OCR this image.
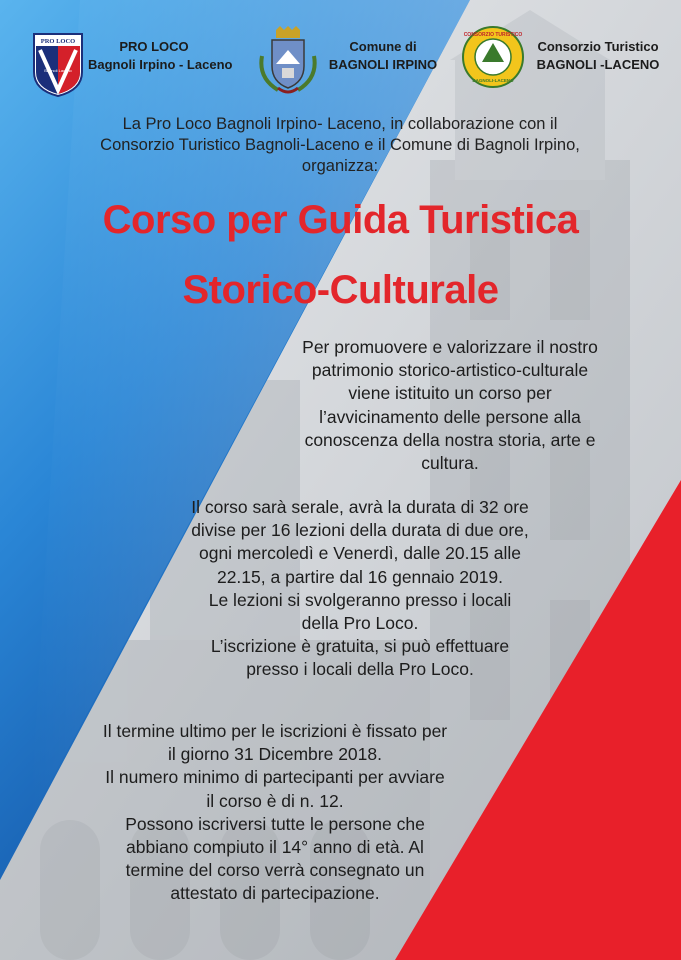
PRO LOCO
Bagnoli Laceno
PRO LOCO
Bagnoli Irpino - Laceno
Comune di
BAGNOLI IRPINO
CONSORZIO TURISTICO
BAGNOLI-LACENO
Consorzio Turistico
BAGNOLI -LACENO
La Pro Loco Bagnoli Irpino- Laceno, in collaborazione con il
Consorzio Turistico Bagnoli-Laceno e il Comune di Bagnoli Irpino,
organizza:
Corso per Guida Turistica
Storico-Culturale
Per promuovere e valorizzare il nostro
patrimonio storico-artistico-culturale
viene istituito un corso per
l’avvicinamento delle persone alla
conoscenza della nostra storia, arte e
cultura.
Il corso sarà serale, avrà la durata di 32 ore
divise per 16 lezioni della durata di due ore,
ogni mercoledì e Venerdì, dalle 20.15 alle
22.15, a partire dal 16 gennaio 2019.
Le lezioni si svolgeranno presso i locali
della Pro Loco.
L’iscrizione è gratuita, si può effettuare
presso i locali della Pro Loco.
Il termine ultimo per le iscrizioni è fissato per
il giorno 31 Dicembre 2018.
Il numero minimo di partecipanti per avviare
il corso è di n. 12.
Possono iscriversi tutte le persone che
abbiano compiuto il 14° anno di età. Al
termine del corso verrà consegnato un
attestato di partecipazione.
